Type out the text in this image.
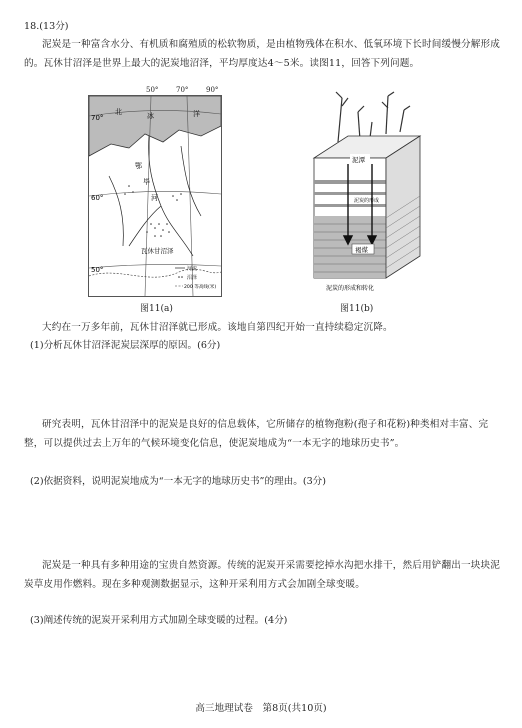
18.(13分)
泥炭是一种富含水分、有机质和腐殖质的松软物质，是由植物残体在积水、低氧环境下长时间缓慢分解形成的。瓦休甘沼泽是世界上最大的泥炭地沼泽，平均厚度达4～5米。读图11，回答下列问题。
70°
60°
50°
北	冰	洋
鄂
毕
河
瓦休甘沼泽
河流
沼泽
200 等高线(米)
50°	70°	90°
图11(a)
泥潭
泥炭的形成
褐煤
泥炭的形成和转化
图11(b)
大约在一万多年前，瓦休甘沼泽就已形成。该地自第四纪开始一直持续稳定沉降。
(1)分析瓦休甘沼泽泥炭层深厚的原因。(6分)
研究表明，瓦休甘沼泽中的泥炭是良好的信息载体，它所储存的植物孢粉(孢子和花粉)种类相对丰富、完整，可以提供过去上万年的气候环境变化信息，使泥炭地成为“一本无字的地球历史书”。
(2)依据资料，说明泥炭地成为“一本无字的地球历史书”的理由。(3分)
泥炭是一种具有多种用途的宝贵自然资源。传统的泥炭开采需要挖掉水沟把水排干，然后用铲翻出一块块泥炭草皮用作燃料。现在多种观测数据显示，这种开采利用方式会加剧全球变暖。
(3)阐述传统的泥炭开采利用方式加剧全球变暖的过程。(4分)
高三地理试卷　第8页(共10页)
